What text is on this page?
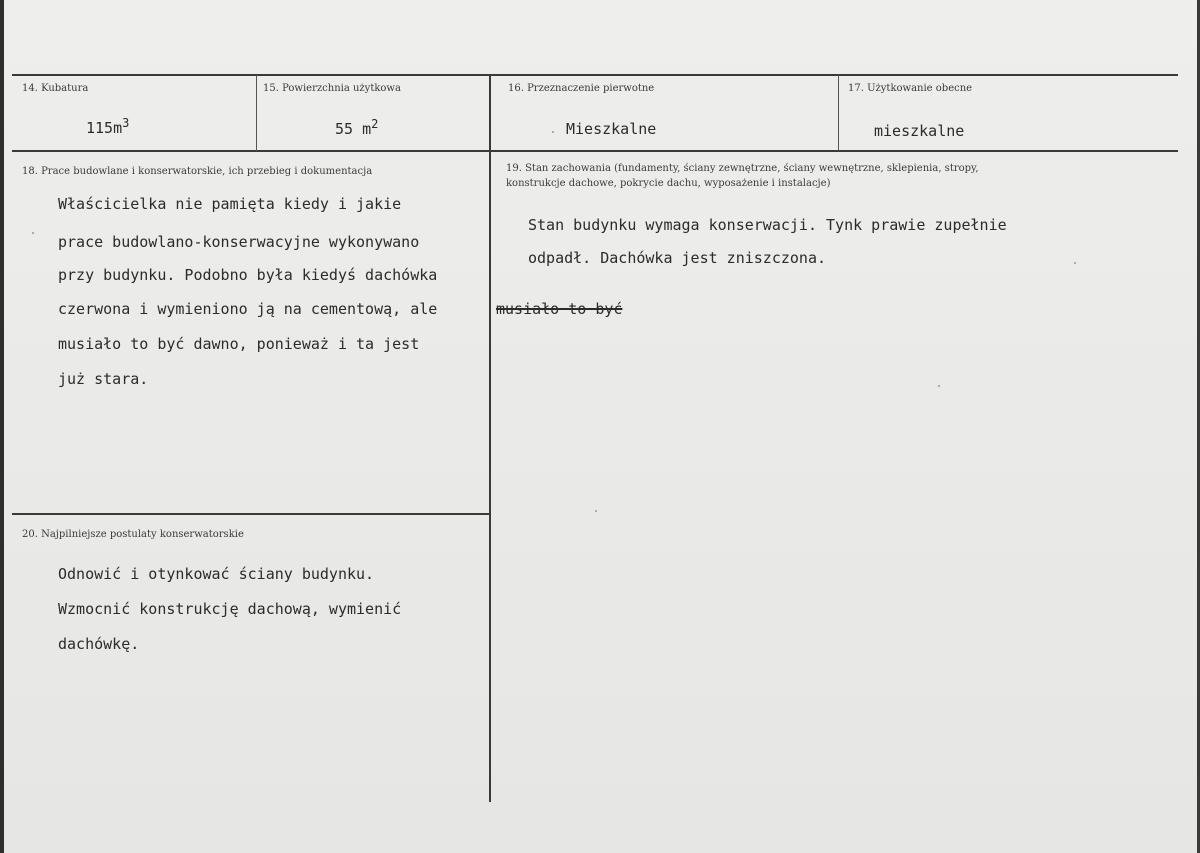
14. Kubatura
$115m^3$
15. Powierzchnia użytkowa
55 $m^2$
16. Przeznaczenie pierwotne
Mieszkalne
17. Użytkowanie obecne
mieszkalne
18. Prace budowlane i konserwatorskie, ich przebieg i dokumentacja
Właścicielka nie pamięta kiedy i jakie
prace budowlano-konserwacyjne wykonywano
przy budynku. Podobno była kiedyś dachówka
czerwona i wymieniono ją na cementową, ale
musiało to być dawno, ponieważ i ta jest
już stara.
19. Stan zachowania (fundamenty, ściany zewnętrzne, ściany wewnętrzne, sklepienia, stropy,
konstrukcje dachowe, pokrycie dachu, wyposażenie i instalacje)
Stan budynku wymaga konserwacji. Tynk prawie zupełnie
odpadł. Dachówka jest zniszczona.
musiało to być
20. Najpilniejsze postulaty konserwatorskie
Odnowić i otynkować ściany budynku.
Wzmocnić konstrukcję dachową, wymienić
dachówkę.
